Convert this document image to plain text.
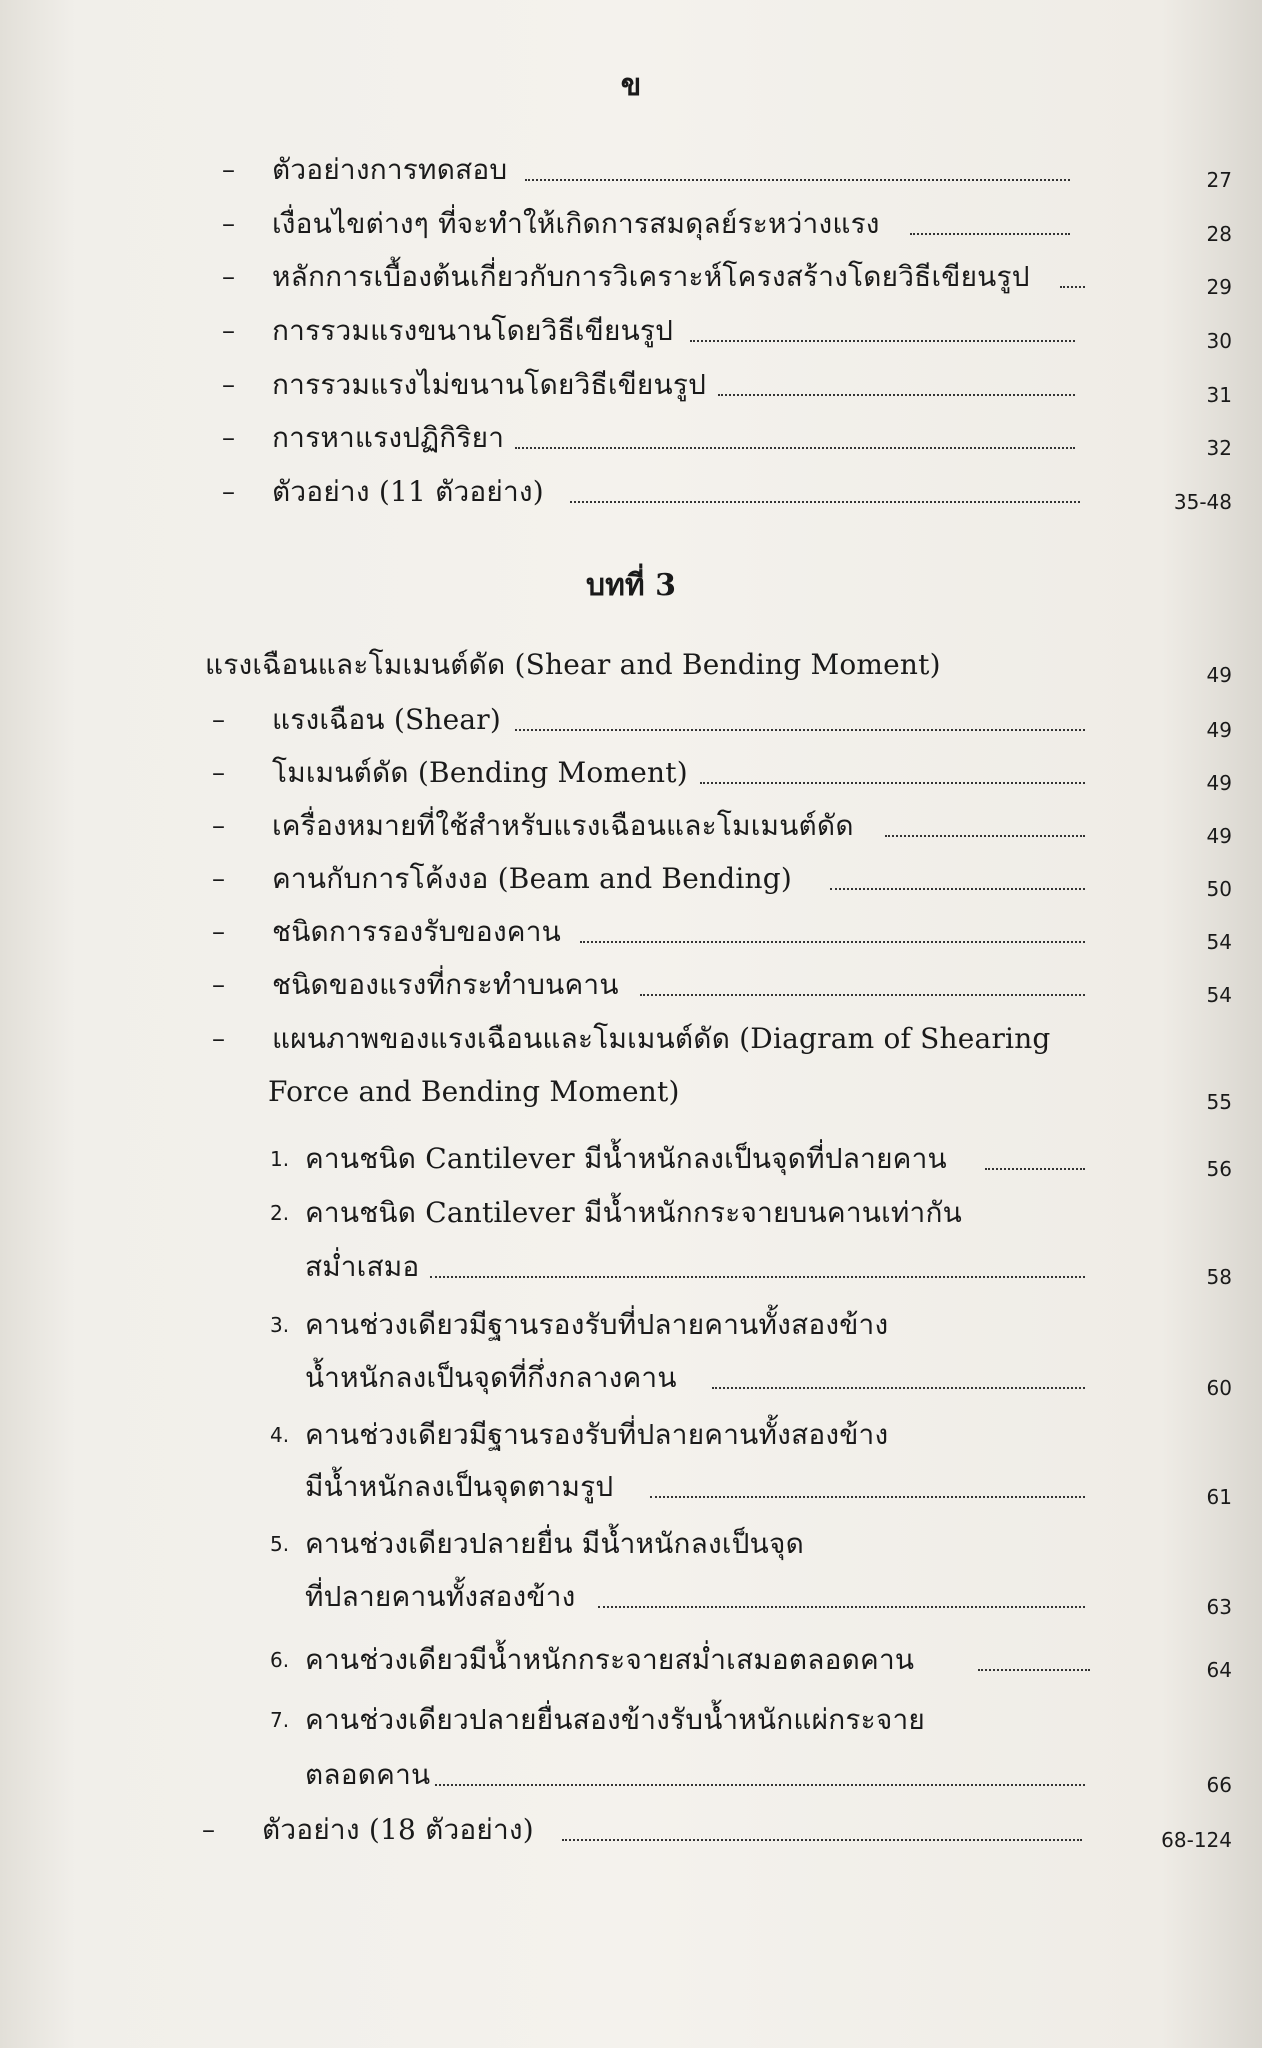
ข
– ตัวอย่างการทดสอบ	27
– เงื่อนไขต่างๆ ที่จะทำให้เกิดการสมดุลย์ระหว่างแรง	28
– หลักการเบื้องต้นเกี่ยวกับการวิเคราะห์โครงสร้างโดยวิธีเขียนรูป	29
– การรวมแรงขนานโดยวิธีเขียนรูป	30
– การรวมแรงไม่ขนานโดยวิธีเขียนรูป	31
– การหาแรงปฏิกิริยา	32
– ตัวอย่าง (11 ตัวอย่าง)	35-48
บทที่ 3
แรงเฉือนและโมเมนต์ดัด (Shear and Bending Moment)	49
– แรงเฉือน (Shear)	49
– โมเมนต์ดัด (Bending Moment)	49
– เครื่องหมายที่ใช้สำหรับแรงเฉือนและโมเมนต์ดัด	49
– คานกับการโค้งงอ (Beam and Bending)	50
– ชนิดการรองรับของคาน	54
– ชนิดของแรงที่กระทำบนคาน	54
– แผนภาพของแรงเฉือนและโมเมนต์ดัด (Diagram of Shearing
Force and Bending Moment)	55
1. คานชนิด Cantilever มีน้ำหนักลงเป็นจุดที่ปลายคาน	56
2. คานชนิด Cantilever มีน้ำหนักกระจายบนคานเท่ากัน
สม่ำเสมอ	58
3. คานช่วงเดียวมีฐานรองรับที่ปลายคานทั้งสองข้าง
น้ำหนักลงเป็นจุดที่กึ่งกลางคาน	60
4. คานช่วงเดียวมีฐานรองรับที่ปลายคานทั้งสองข้าง
มีน้ำหนักลงเป็นจุดตามรูป	61
5. คานช่วงเดียวปลายยื่น มีน้ำหนักลงเป็นจุด
ที่ปลายคานทั้งสองข้าง	63
6. คานช่วงเดียวมีน้ำหนักกระจายสม่ำเสมอตลอดคาน	64
7. คานช่วงเดียวปลายยื่นสองข้างรับน้ำหนักแผ่กระจาย
ตลอดคาน	66
– ตัวอย่าง (18 ตัวอย่าง)	68-124
